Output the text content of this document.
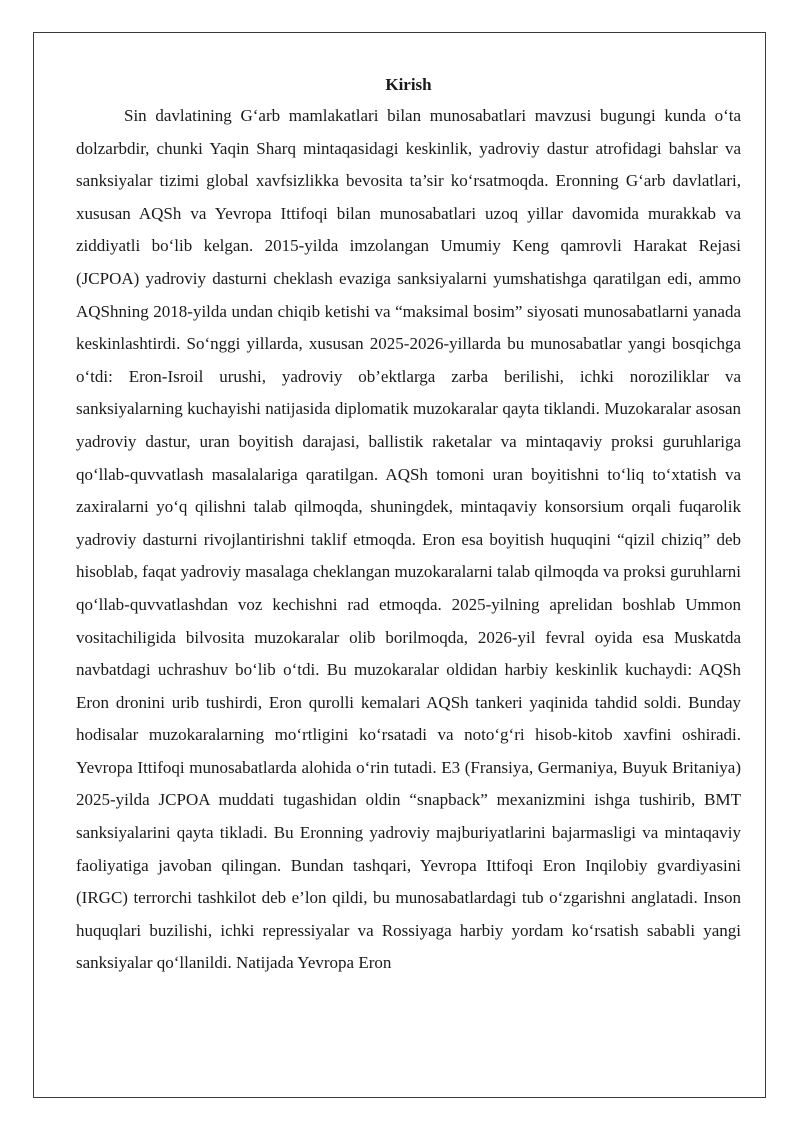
Kirish

Sin davlatining G‘arb mamlakatlari bilan munosabatlari mavzusi bugungi kunda o‘ta dolzarbdir, chunki Yaqin Sharq mintaqasidagi keskinlik, yadroviy dastur atrofidagi bahslar va sanksiyalar tizimi global xavfsizlikka bevosita ta’sir ko‘rsatmoqda. Eronning G‘arb davlatlari, xususan AQSh va Yevropa Ittifoqi bilan munosabatlari uzoq yillar davomida murakkab va ziddiyatli bo‘lib kelgan. 2015-yilda imzolangan Umumiy Keng qamrovli Harakat Rejasi (JCPOA) yadroviy dasturni cheklash evaziga sanksiyalarni yumshatishga qaratilgan edi, ammo AQShning 2018-yilda undan chiqib ketishi va “maksimal bosim” siyosati munosabatlarni yanada keskinlashtirdi. So‘nggi yillarda, xususan 2025-2026-yillarda bu munosabatlar yangi bosqichga o‘tdi: Eron-Isroil urushi, yadroviy ob’ektlarga zarba berilishi, ichki noroziliklar va sanksiyalarning kuchayishi natijasida diplomatik muzokaralar qayta tiklandi. Muzokaralar asosan yadroviy dastur, uran boyitish darajasi, ballistik raketalar va mintaqaviy proksi guruhlariga qo‘llab-quvvatlash masalalariga qaratilgan. AQSh tomoni uran boyitishni to‘liq to‘xtatish va zaxiralarni yo‘q qilishni talab qilmoqda, shuningdek, mintaqaviy konsorsium orqali fuqarolik yadroviy dasturni rivojlantirishni taklif etmoqda. Eron esa boyitish huquqini “qizil chiziq” deb hisoblab, faqat yadroviy masalaga cheklangan muzokaralarni talab qilmoqda va proksi guruhlarni qo‘llab-quvvatlashdan voz kechishni rad etmoqda. 2025-yilning aprelidan boshlab Ummon vositachiligida bilvosita muzokaralar olib borilmoqda, 2026-yil fevral oyida esa Muskatda navbatdagi uchrashuv bo‘lib o‘tdi. Bu muzokaralar oldidan harbiy keskinlik kuchaydi: AQSh Eron dronini urib tushirdi, Eron qurolli kemalari AQSh tankeri yaqinida tahdid soldi. Bunday hodisalar muzokaralarning mo‘rtligini ko‘rsatadi va noto‘g‘ri hisob-kitob xavfini oshiradi. Yevropa Ittifoqi munosabatlarda alohida o‘rin tutadi. E3 (Fransiya, Germaniya, Buyuk Britaniya) 2025-yilda JCPOA muddati tugashidan oldin “snapback” mexanizmini ishga tushirib, BMT sanksiyalarini qayta tikladi. Bu Eronning yadroviy majburiyatlarini bajarmasligi va mintaqaviy faoliyatiga javoban qilingan. Bundan tashqari, Yevropa Ittifoqi Eron Inqilobiy gvardiyasini (IRGC) terrorchi tashkilot deb e’lon qildi, bu munosabatlardagi tub o‘zgarishni anglatadi. Inson huquqlari buzilishi, ichki repressiyalar va Rossiyaga harbiy yordam ko‘rsatish sababli yangi sanksiyalar qo‘llanildi. Natijada Yevropa Eron
